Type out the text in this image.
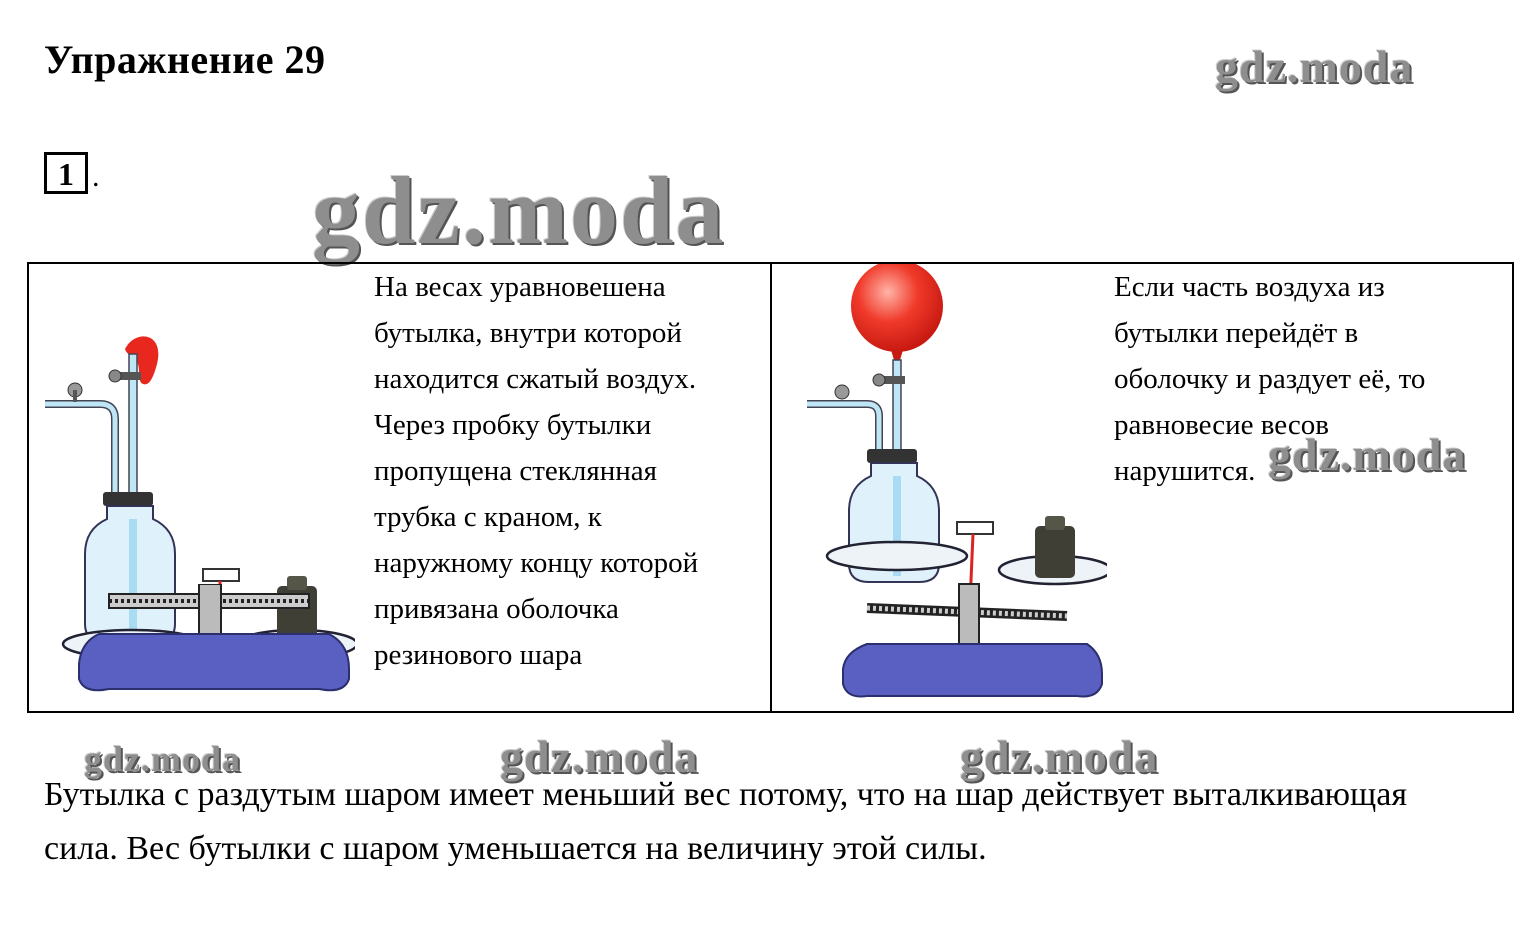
Упражнение 29	gdz.moda
1 . gdz.moda
На весах уравновешена
бутылка, внутри которой
находится сжатый воздух.
Через пробку бутылки
пропущена стеклянная
трубка с краном, к
наружному концу которой
привязана оболочка
резинового шара
Если часть воздуха из
бутылки перейдёт в
оболочку и раздует её, то
равновесие весов
нарушится. gdz.moda
gdz.moda	gdz.moda	gdz.moda
Бутылка с раздутым шаром имеет меньший вес потому, что на шар действует выталкивающая сила. Вес бутылки с шаром уменьшается на величину этой силы.
